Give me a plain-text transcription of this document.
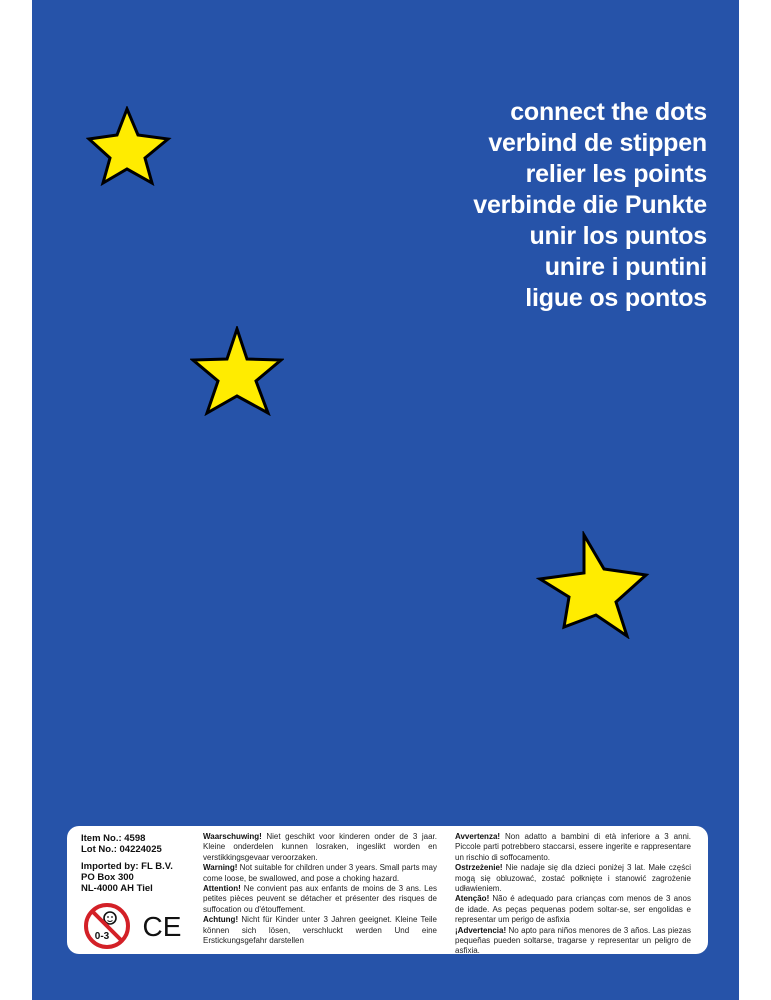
connect the dots
verbind de stippen
relier les points
verbinde die Punkte
unir los puntos
unire i puntini
ligue os pontos
Item No.: 4598
Lot No.: 04224025
Imported by: FL B.V.
PO Box 300
NL-4000 AH Tiel
0-3 CE

Waarschuwing! Niet geschikt voor kinderen onder de 3 jaar. Kleine onderdelen kunnen losraken, ingeslikt worden en verstikkingsgevaar veroorzaken.

Warning! Not suitable for children under 3 years. Small parts may come loose, be swallowed, and pose a choking hazard.

Attention! Ne convient pas aux enfants de moins de 3 ans. Les petites pièces peuvent se détacher et présenter des risques de suffocation ou d'étouffement.

Achtung! Nicht für Kinder unter 3 Jahren geeignet. Kleine Teile können sich lösen, verschluckt werden Und eine Erstickungsgefahr darstellen

Avvertenza! Non adatto a bambini di età inferiore a 3 anni. Piccole parti potrebbero staccarsi, essere ingerite e rappresentare un rischio di soffocamento.

Ostrzeżenie! Nie nadaje się dla dzieci poniżej 3 lat. Małe części mogą się obluzować, zostać połknięte i stanowić zagrożenie udławieniem.

Atenção! Não é adequado para crianças com menos de 3 anos de idade. As peças pequenas podem soltar-se, ser engolidas e representar um perigo de asfixia

¡Advertencia! No apto para niños menores de 3 años. Las piezas pequeñas pueden soltarse, tragarse y representar un peligro de asfixia.
